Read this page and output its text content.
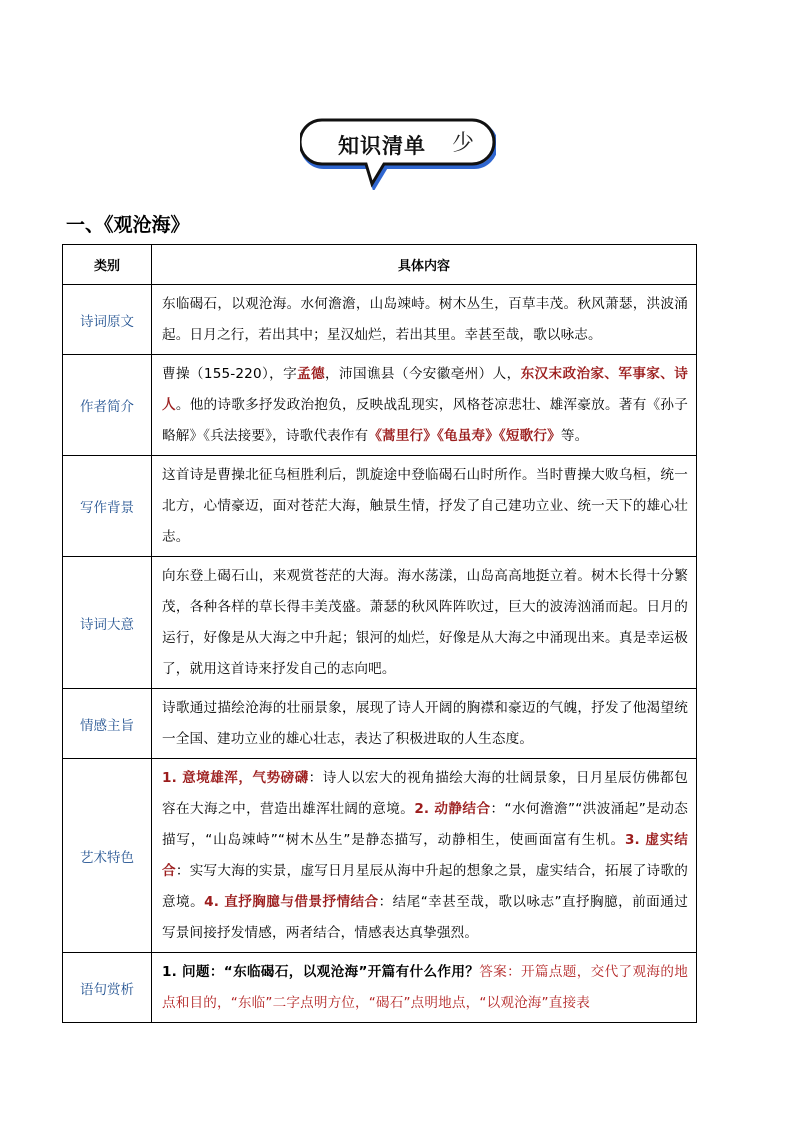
知识清单 少
一、《观沧海》
类别	具体内容
诗词原文	东临碣石，以观沧海。水何澹澹，山岛竦峙。树木丛生，百草丰茂。秋风萧瑟，洪波涌起。日月之行，若出其中；星汉灿烂，若出其里。幸甚至哉，歌以咏志。
作者简介	曹操（155-220），字孟德，沛国谯县（今安徽亳州）人，东汉末政治家、军事家、诗人。他的诗歌多抒发政治抱负，反映战乱现实，风格苍凉悲壮、雄浑豪放。著有《孙子略解》《兵法接要》，诗歌代表作有《蒿里行》《龟虽寿》《短歌行》等。
写作背景	这首诗是曹操北征乌桓胜利后，凯旋途中登临碣石山时所作。当时曹操大败乌桓，统一北方，心情豪迈，面对苍茫大海，触景生情，抒发了自己建功立业、统一天下的雄心壮志。
诗词大意	向东登上碣石山，来观赏苍茫的大海。海水荡漾，山岛高高地挺立着。树木长得十分繁茂，各种各样的草长得丰美茂盛。萧瑟的秋风阵阵吹过，巨大的波涛汹涌而起。日月的运行，好像是从大海之中升起；银河的灿烂，好像是从大海之中涌现出来。真是幸运极了，就用这首诗来抒发自己的志向吧。
情感主旨	诗歌通过描绘沧海的壮丽景象，展现了诗人开阔的胸襟和豪迈的气魄，抒发了他渴望统一全国、建功立业的雄心壮志，表达了积极进取的人生态度。
艺术特色	1. 意境雄浑，气势磅礴：诗人以宏大的视角描绘大海的壮阔景象，日月星辰仿佛都包容在大海之中，营造出雄浑壮阔的意境。2. 动静结合：“水何澹澹”“洪波涌起”是动态描写，“山岛竦峙”“树木丛生”是静态描写，动静相生，使画面富有生机。3. 虚实结合：实写大海的实景，虚写日月星辰从海中升起的想象之景，虚实结合，拓展了诗歌的意境。4. 直抒胸臆与借景抒情结合：结尾“幸甚至哉，歌以咏志”直抒胸臆，前面通过写景间接抒发情感，两者结合，情感表达真挚强烈。
语句赏析	1. 问题：“东临碣石，以观沧海”开篇有什么作用？答案：开篇点题，交代了观海的地点和目的，“东临”二字点明方位，“碣石”点明地点，“以观沧海”直接表
